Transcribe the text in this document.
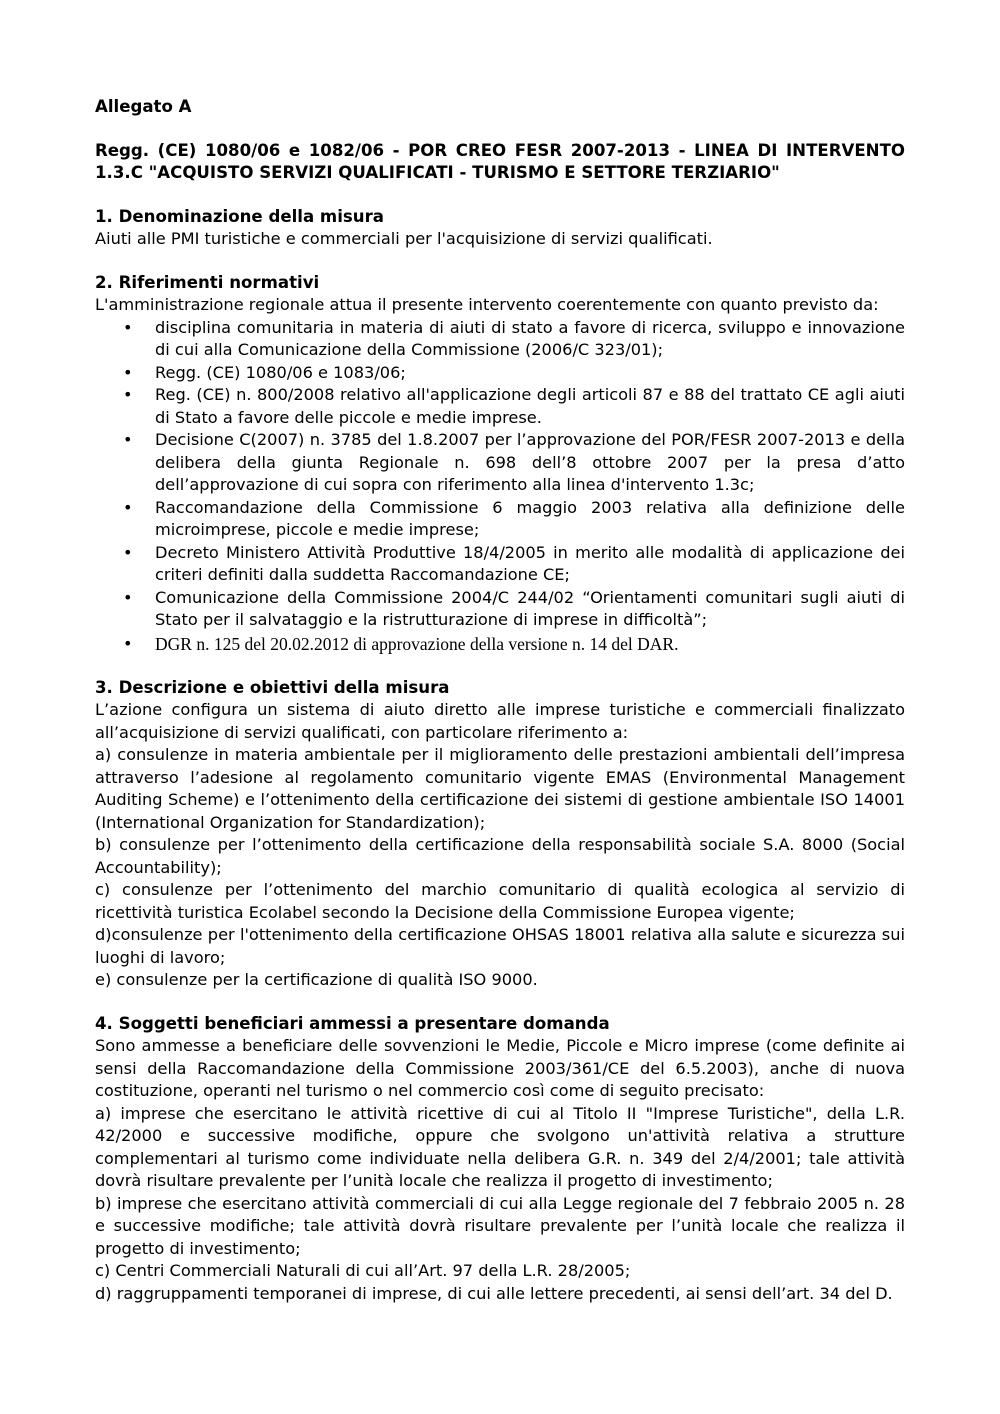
Allegato A

Regg. (CE) 1080/06 e 1082/06 - POR CREO FESR 2007-2013 - LINEA DI INTERVENTO 1.3.C "ACQUISTO SERVIZI QUALIFICATI - TURISMO E SETTORE TERZIARIO"

1. Denominazione della misura

Aiuti alle PMI turistiche e commerciali per l'acquisizione di servizi qualificati.

2. Riferimenti normativi

L'amministrazione regionale attua il presente intervento coerentemente con quanto previsto da:

• disciplina comunitaria in materia di aiuti di stato a favore di ricerca, sviluppo e innovazione di cui alla Comunicazione della Commissione (2006/C 323/01);
• Regg. (CE) 1080/06 e 1083/06;
• Reg. (CE) n. 800/2008 relativo all'applicazione degli articoli 87 e 88 del trattato CE agli aiuti di Stato a favore delle piccole e medie imprese.
• Decisione C(2007) n. 3785 del 1.8.2007 per l’approvazione del POR/FESR 2007-2013 e della delibera della giunta Regionale n. 698 dell’8 ottobre 2007 per la presa d’atto dell’approvazione di cui sopra con riferimento alla linea d'intervento 1.3c;
• Raccomandazione della Commissione 6 maggio 2003 relativa alla definizione delle microimprese, piccole e medie imprese;
• Decreto Ministero Attività Produttive 18/4/2005 in merito alle modalità di applicazione dei criteri definiti dalla suddetta Raccomandazione CE;
• Comunicazione della Commissione 2004/C 244/02 “Orientamenti comunitari sugli aiuti di Stato per il salvataggio e la ristrutturazione di imprese in difficoltà”;
• DGR n. 125 del 20.02.2012 di approvazione della versione n. 14 del DAR.

3. Descrizione e obiettivi della misura

L’azione configura un sistema di aiuto diretto alle imprese turistiche e commerciali finalizzato all’acquisizione di servizi qualificati, con particolare riferimento a:

a) consulenze in materia ambientale per il miglioramento delle prestazioni ambientali dell’impresa attraverso l’adesione al regolamento comunitario vigente EMAS (Environmental Management Auditing Scheme) e l’ottenimento della certificazione dei sistemi di gestione ambientale ISO 14001 (International Organization for Standardization);

b) consulenze per l’ottenimento della certificazione della responsabilità sociale S.A. 8000 (Social Accountability);

c) consulenze per l’ottenimento del marchio comunitario di qualità ecologica al servizio di ricettività turistica Ecolabel secondo la Decisione della Commissione Europea vigente;

d)consulenze per l'ottenimento della certificazione OHSAS 18001 relativa alla salute e sicurezza sui luoghi di lavoro;

e) consulenze per la certificazione di qualità ISO 9000.

4. Soggetti beneficiari ammessi a presentare domanda

Sono ammesse a beneficiare delle sovvenzioni le Medie, Piccole e Micro imprese (come definite ai sensi della Raccomandazione della Commissione 2003/361/CE del 6.5.2003), anche di nuova costituzione, operanti nel turismo o nel commercio così come di seguito precisato:

a) imprese che esercitano le attività ricettive di cui al Titolo II "Imprese Turistiche", della L.R. 42/2000 e successive modifiche, oppure che svolgono un'attività relativa a strutture complementari al turismo come individuate nella delibera G.R. n. 349 del 2/4/2001; tale attività dovrà risultare prevalente per l’unità locale che realizza il progetto di investimento;

b) imprese che esercitano attività commerciali di cui alla Legge regionale del 7 febbraio 2005 n. 28 e successive modifiche; tale attività dovrà risultare prevalente per l’unità locale che realizza il progetto di investimento;

c) Centri Commerciali Naturali di cui all’Art. 97 della L.R. 28/2005;

d) raggruppamenti temporanei di imprese, di cui alle lettere precedenti, ai sensi dell’art. 34 del D.
